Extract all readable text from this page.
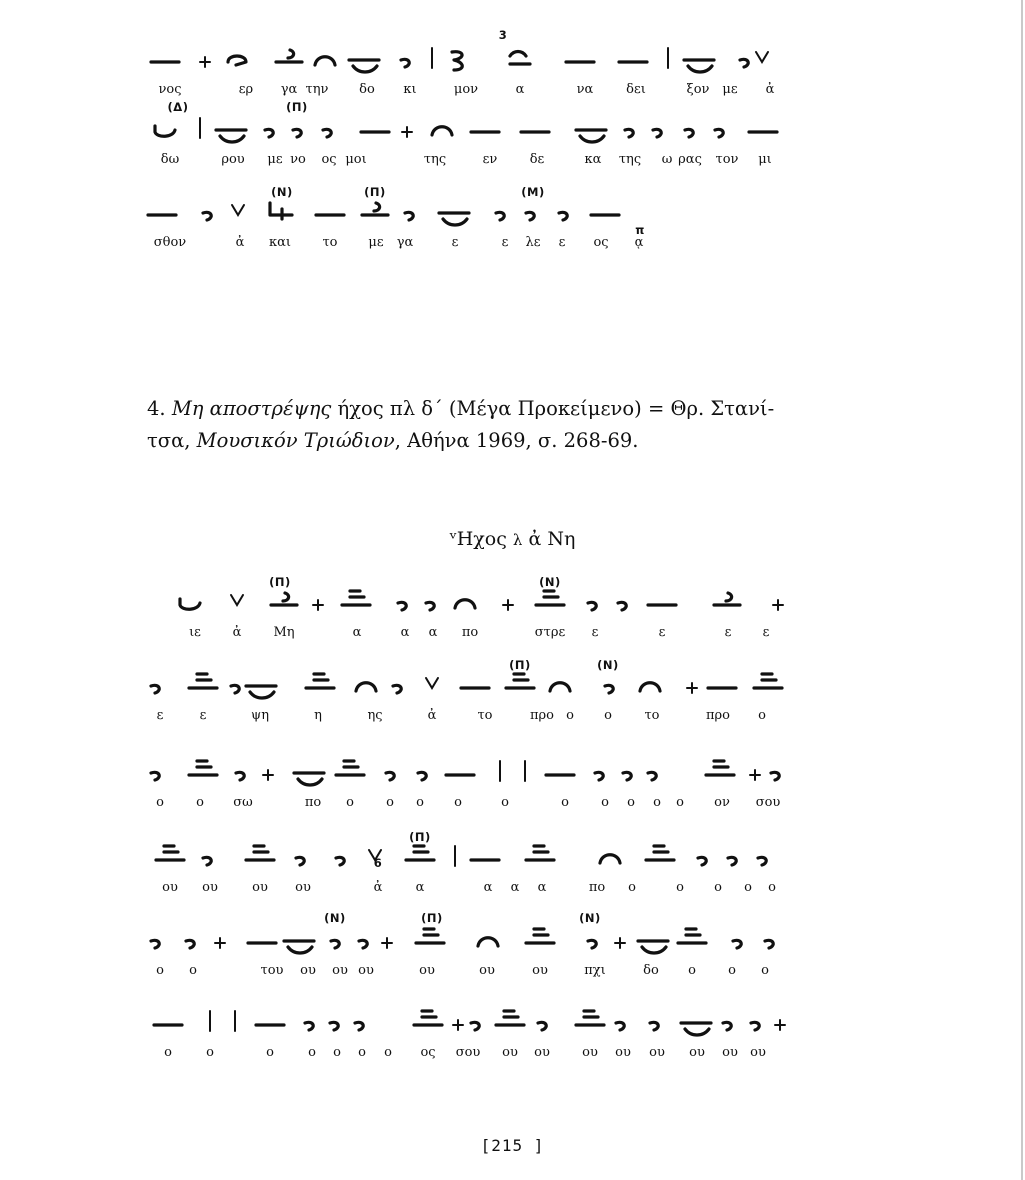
3
νος	ερ γα την δο κι	μον	α	να	δει	ξον με ἀ
(Δ)	(Π)
δω	ρου με νο ος μοι	της	εν δε	κα της ω ρας τον μι
(Ν)	(Π)	(Μ)
π
σθον	ἀ και το με γα	ε	ε λε ε ος ᾳ
(Π)	(Ν)
ιε ἀ Μη	α	α α πο	στρε ε	ε	ε ε
(Π)	(Ν)
ε	ε	ψη	η	ης	ἀ	το	προ ο ο	το	προ ο
ο ο σω	πο ο ο ο ο	ο	ο ο ο ο ο ον σου
(Π)
6
ου ου	ου ου	ἀ	α	α α α	πο ο	ο ο ο ο
(Ν)	(Π)	(Ν)
ο ο	του ου ου ου	ου	ου	ου	πχι	δο ο ο ο
ο	ο	ο	ο ο ο ο ος σου ου ου ου ου ου ου ου ου
4. Μη αποστρέψης ήχος πλ δ΄ (Μέγα Προκείμενο) = Θρ. Στανί-
τσα, Μουσικόν Τριώδιον, Αθήνα 1969, σ. 268-69.
ᵛΗχος λ ἀ Νη
[215 ]
